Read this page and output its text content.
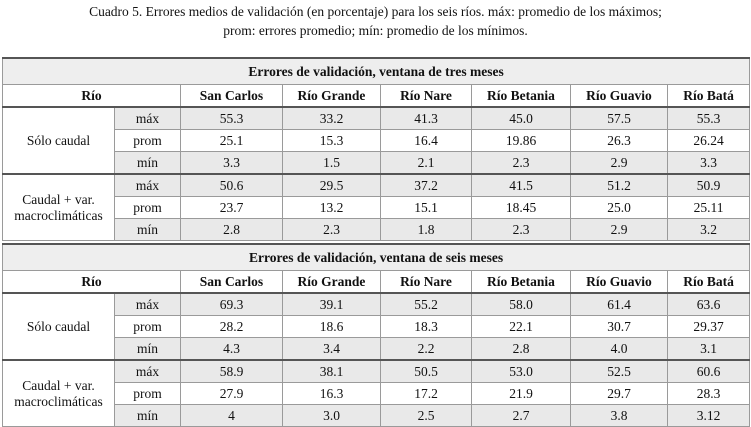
Cuadro 5. Errores medios de validación (en porcentaje) para los seis ríos. máx: promedio de los máximos;
prom: errores promedio; mín: promedio de los mínimos.
Errores de validación, ventana de tres meses							
Río		San Carlos	Río Grande	Río Nare	Río Betania	Río Guavio	Río Batá
Sólo caudal	máx	55.3	33.2	41.3	45.0	57.5	55.3
	prom	25.1	15.3	16.4	19.86	26.3	26.24
	mín	3.3	1.5	2.1	2.3	2.9	3.3
Caudal + var. macroclimáticas	máx	50.6	29.5	37.2	41.5	51.2	50.9
	prom	23.7	13.2	15.1	18.45	25.0	25.11
	mín	2.8	2.3	1.8	2.3	2.9	3.2

Errores de validación, ventana de seis meses							
Río		San Carlos	Río Grande	Río Nare	Río Betania	Río Guavio	Río Batá
Sólo caudal	máx	69.3	39.1	55.2	58.0	61.4	63.6
	prom	28.2	18.6	18.3	22.1	30.7	29.37
	mín	4.3	3.4	2.2	2.8	4.0	3.1
Caudal + var. macroclimáticas	máx	58.9	38.1	50.5	53.0	52.5	60.6
	prom	27.9	16.3	17.2	21.9	29.7	28.3
	mín	4	3.0	2.5	2.7	3.8	3.12
